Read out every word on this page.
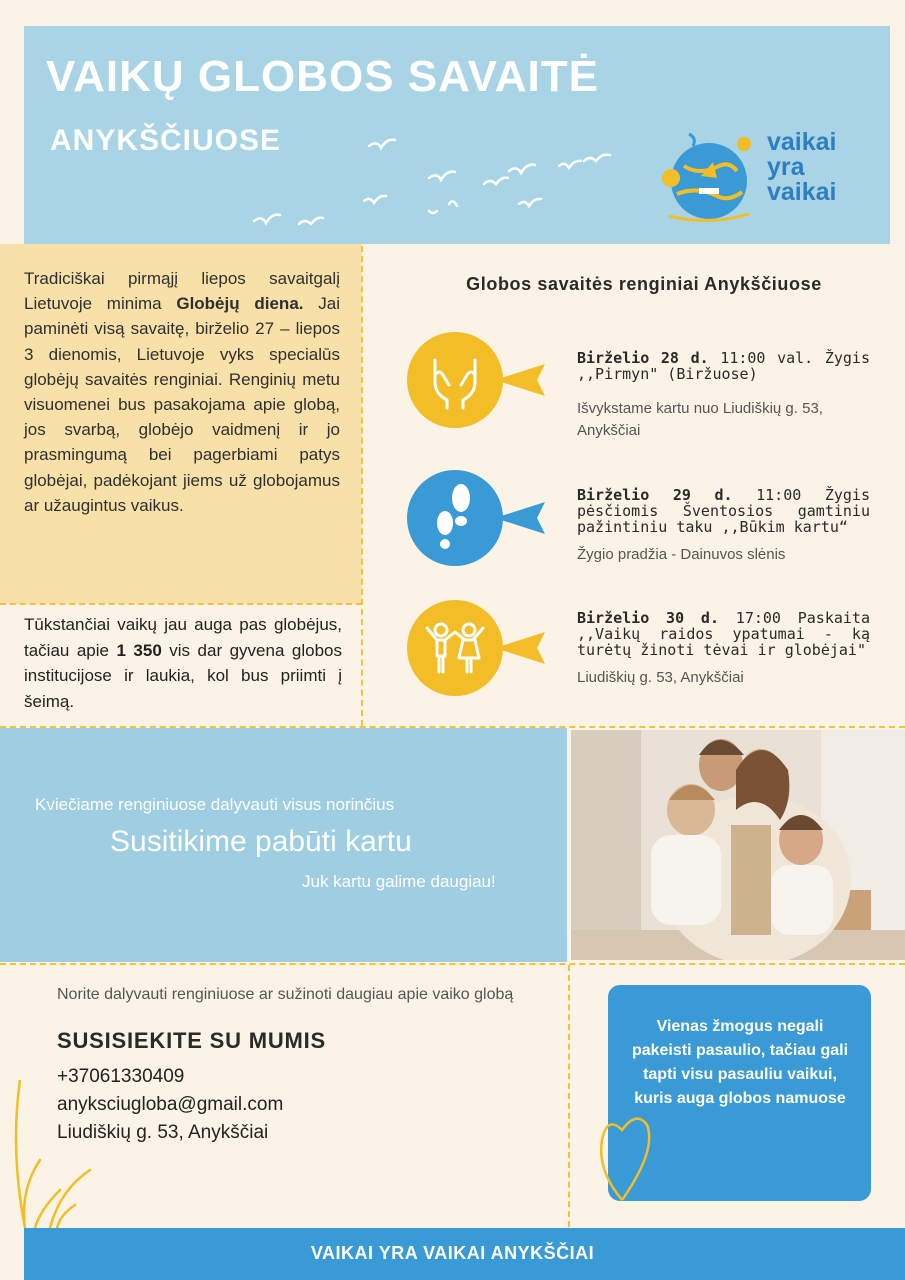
VAIKŲ GLOBOS SAVAITĖ
ANYKŠČIUOSE	vaikai
yra
vaikai
Tradiciškai pirmąjį liepos savaitgalį Lietuvoje minima Globėjų diena. Jai paminėti visą savaitę, birželio 27 – liepos 3 dienomis, Lietuvoje vyks specialūs globėjų savaitės renginiai. Renginių metu visuomenei bus pasakojama apie globą, jos svarbą, globėjo vaidmenį ir jo prasmingumą bei pagerbiami patys globėjai, padėkojant jiems už globojamus ar užaugintus vaikus.
Tūkstančiai vaikų jau auga pas globėjus, tačiau apie 1 350 vis dar gyvena globos institucijose ir laukia, kol bus priimti į šeimą.
Globos savaitės renginiai Anykščiuose
Birželio 28 d. 11:00 val. Žygis ,,Pirmyn" (Biržuose)
Išvykstame kartu nuo Liudiškių g. 53, Anykščiai
Birželio 29 d. 11:00 Žygis pėsčiomis Šventosios gamtiniu pažintiniu taku ,,Būkim kartu“
Žygio pradžia - Dainuvos slėnis
Birželio 30 d. 17:00 Paskaita ,,Vaikų raidos ypatumai - ką turėtų žinoti tėvai ir globėjai"
Liudiškių g. 53, Anykščiai
Kviečiame renginiuose dalyvauti visus norinčius
Susitikime pabūti kartu
Juk kartu galime daugiau!
Norite dalyvauti renginiuose ar sužinoti daugiau apie vaiko globą
SUSISIEKITE SU MUMIS
+37061330409
anyksciugloba@gmail.com
Liudiškių g. 53, Anykščiai
Vienas žmogus negali pakeisti pasaulio, tačiau gali tapti visu pasauliu vaikui, kuris auga globos namuose
VAIKAI YRA VAIKAI ANYKŠČIAI
